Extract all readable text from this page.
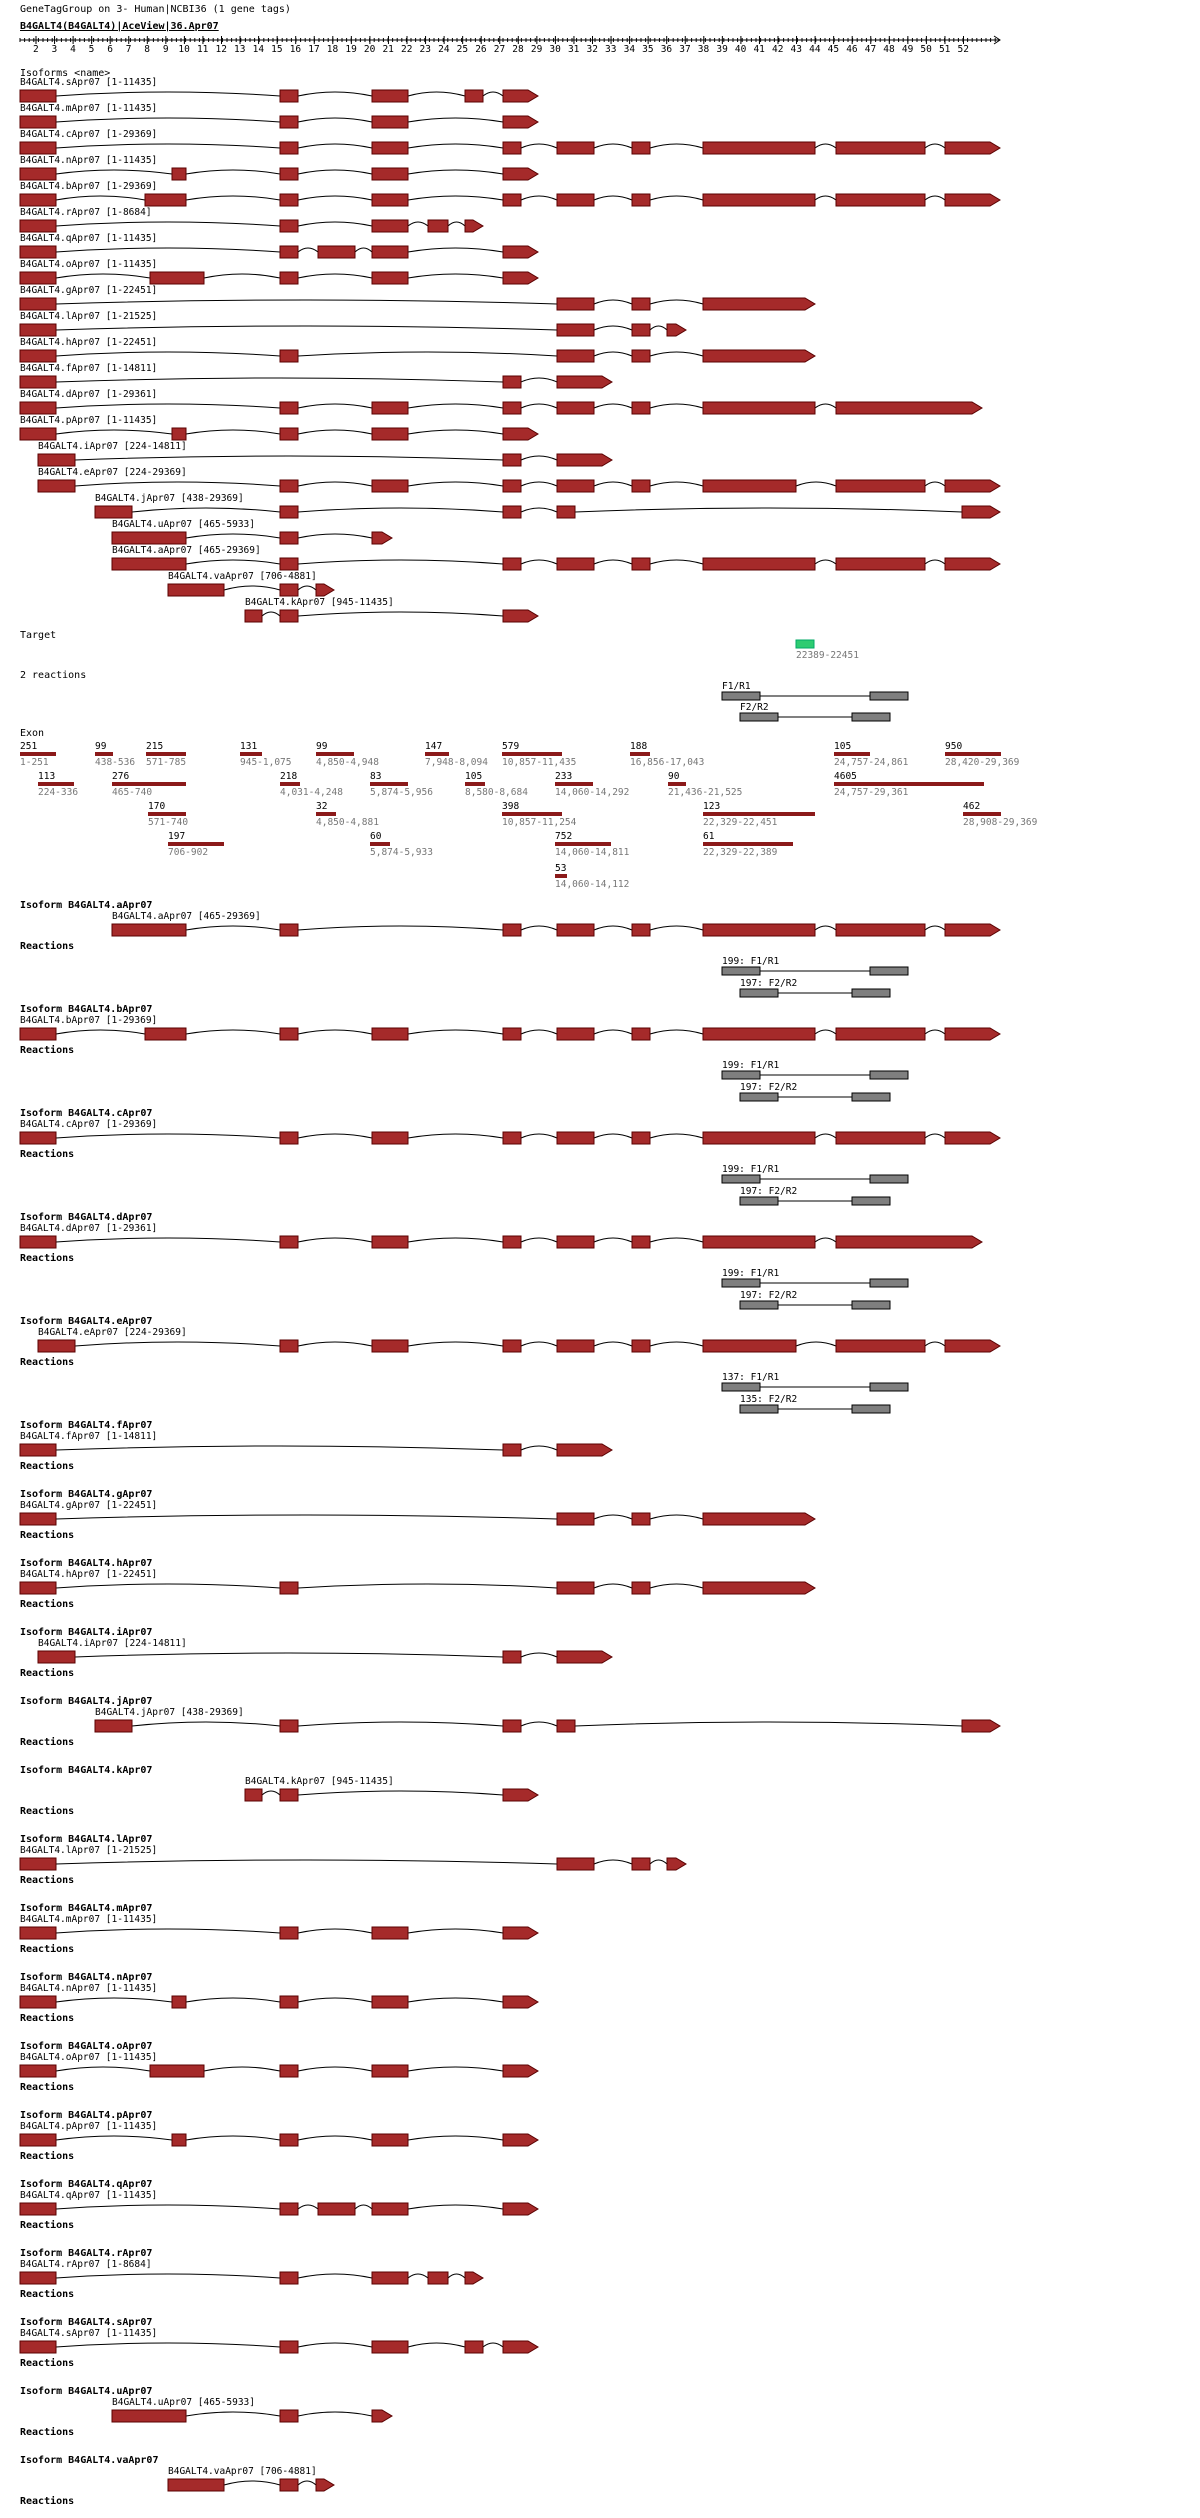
GeneTagGroup on 3- Human|NCBI36 (1 gene tags)
B4GALT4(B4GALT4)|AceView|36.Apr07
Isoforms <name>
Target
22389-22451
2 reactions
F1/R1
F2/R2
Exon
2 3 4 5 6 7 8 9 10 11 12 13 14 15 16 17 18 19 20 21 22 23 24 25 26 27 28 29 30 31 32 33 34 35 36 37 38 39 40 41 42 43 44 45 46 47 48 49 50 51 52
B4GALT4.sApr07 [1-11435]
B4GALT4.mApr07 [1-11435]
B4GALT4.cApr07 [1-29369]
B4GALT4.nApr07 [1-11435]
B4GALT4.bApr07 [1-29369]
B4GALT4.rApr07 [1-8684]
B4GALT4.qApr07 [1-11435]
B4GALT4.oApr07 [1-11435]
B4GALT4.gApr07 [1-22451]
B4GALT4.lApr07 [1-21525]
B4GALT4.hApr07 [1-22451]
B4GALT4.fApr07 [1-14811]
B4GALT4.dApr07 [1-29361]
B4GALT4.pApr07 [1-11435]
B4GALT4.iApr07 [224-14811]
B4GALT4.eApr07 [224-29369]
B4GALT4.jApr07 [438-29369]
B4GALT4.uApr07 [465-5933]
B4GALT4.aApr07 [465-29369]
B4GALT4.vaApr07 [706-4881]
B4GALT4.kApr07 [945-11435]
251
1-251
99
438-536
215
571-785
131
945-1,075
99
4,850-4,948
147
7,948-8,094
579
10,857-11,435
188
16,856-17,043
105
24,757-24,861
950
28,420-29,369
113
224-336
276
465-740
218
4,031-4,248
83
5,874-5,956
105
8,580-8,684
233
14,060-14,292
90
21,436-21,525
4605
24,757-29,361
170
571-740
32
4,850-4,881
398
10,857-11,254
123
22,329-22,451
462
28,908-29,369
197
706-902
60
5,874-5,933
752
14,060-14,811
61
22,329-22,389
53
14,060-14,112
Isoform B4GALT4.aApr07
B4GALT4.aApr07 [465-29369]
Reactions
199: F1/R1
197: F2/R2
Isoform B4GALT4.bApr07
B4GALT4.bApr07 [1-29369]
Reactions
199: F1/R1
197: F2/R2
Isoform B4GALT4.cApr07
B4GALT4.cApr07 [1-29369]
Reactions
199: F1/R1
197: F2/R2
Isoform B4GALT4.dApr07
B4GALT4.dApr07 [1-29361]
Reactions
199: F1/R1
197: F2/R2
Isoform B4GALT4.eApr07
B4GALT4.eApr07 [224-29369]
Reactions
137: F1/R1
135: F2/R2
Isoform B4GALT4.fApr07
B4GALT4.fApr07 [1-14811]
Reactions
Isoform B4GALT4.gApr07
B4GALT4.gApr07 [1-22451]
Reactions
Isoform B4GALT4.hApr07
B4GALT4.hApr07 [1-22451]
Reactions
Isoform B4GALT4.iApr07
B4GALT4.iApr07 [224-14811]
Reactions
Isoform B4GALT4.jApr07
B4GALT4.jApr07 [438-29369]
Reactions
Isoform B4GALT4.kApr07
B4GALT4.kApr07 [945-11435]
Reactions
Isoform B4GALT4.lApr07
B4GALT4.lApr07 [1-21525]
Reactions
Isoform B4GALT4.mApr07
B4GALT4.mApr07 [1-11435]
Reactions
Isoform B4GALT4.nApr07
B4GALT4.nApr07 [1-11435]
Reactions
Isoform B4GALT4.oApr07
B4GALT4.oApr07 [1-11435]
Reactions
Isoform B4GALT4.pApr07
B4GALT4.pApr07 [1-11435]
Reactions
Isoform B4GALT4.qApr07
B4GALT4.qApr07 [1-11435]
Reactions
Isoform B4GALT4.rApr07
B4GALT4.rApr07 [1-8684]
Reactions
Isoform B4GALT4.sApr07
B4GALT4.sApr07 [1-11435]
Reactions
Isoform B4GALT4.uApr07
B4GALT4.uApr07 [465-5933]
Reactions
Isoform B4GALT4.vaApr07
B4GALT4.vaApr07 [706-4881]
Reactions
